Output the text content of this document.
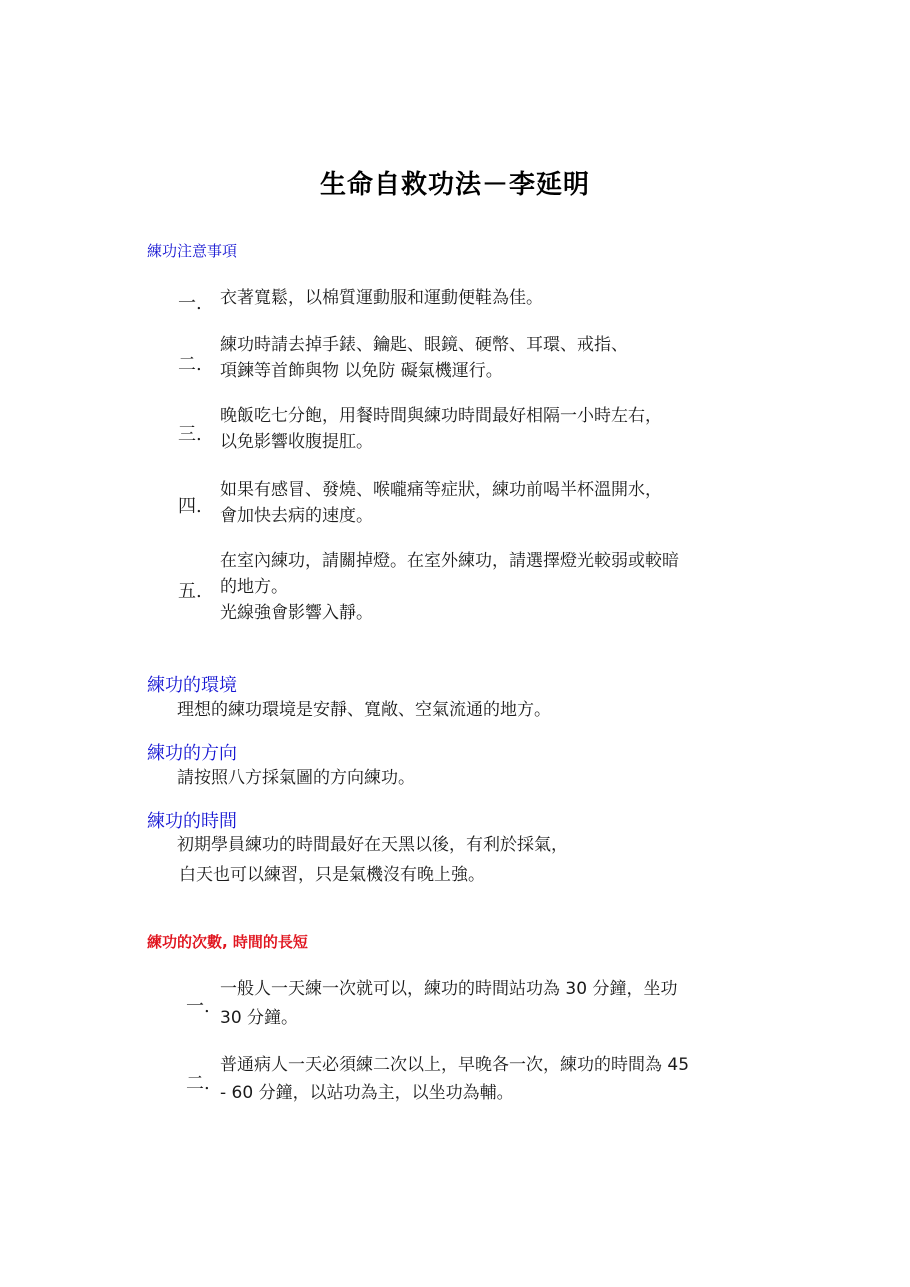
生命自救功法－李延明
練功注意事項
一. 衣著寬鬆，以棉質運動服和運動便鞋為佳。
二.
練功時請去掉手錶、鑰匙、眼鏡、硬幣、耳環、戒指、
項鍊等首飾與物 以免防 礙氣機運行。
三.
晚飯吃七分飽，用餐時間與練功時間最好相隔一小時左右，
以免影響收腹提肛。
四.
如果有感冒、發燒、喉嚨痛等症狀，練功前喝半杯溫開水，
會加快去病的速度。
五.
在室內練功，請關掉燈。在室外練功，請選擇燈光較弱或較暗
的地方。
光線強會影響入靜。
練功的環境
理想的練功環境是安靜、寬敞、空氣流通的地方。
練功的方向
請按照八方採氣圖的方向練功。
練功的時間
初期學員練功的時間最好在天黑以後，有利於採氣，
白天也可以練習，只是氣機沒有晚上強。
練功的次數, 時間的長短
一.
一般人一天練一次就可以，練功的時間站功為 30 分鐘，坐功
30 分鐘。
二.
普通病人一天必須練二次以上，早晚各一次，練功的時間為 45
- 60 分鐘，以站功為主，以坐功為輔。
